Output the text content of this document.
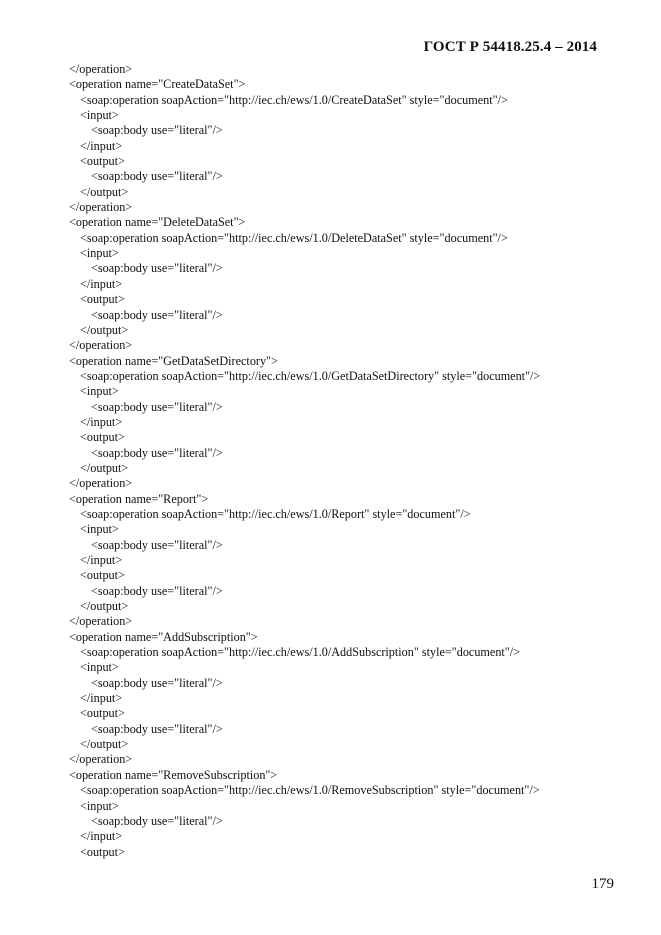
ГОСТ Р 54418.25.4 – 2014
</operation>
<operation name="CreateDataSet">
<soap:operation soapAction="http://iec.ch/ews/1.0/CreateDataSet" style="document"/>
<input>
<soap:body use="literal"/>
</input>
<output>
<soap:body use="literal"/>
</output>
</operation>
<operation name="DeleteDataSet">
<soap:operation soapAction="http://iec.ch/ews/1.0/DeleteDataSet" style="document"/>
<input>
<soap:body use="literal"/>
</input>
<output>
<soap:body use="literal"/>
</output>
</operation>
<operation name="GetDataSetDirectory">
<soap:operation soapAction="http://iec.ch/ews/1.0/GetDataSetDirectory" style="document"/>
<input>
<soap:body use="literal"/>
</input>
<output>
<soap:body use="literal"/>
</output>
</operation>
<operation name="Report">
<soap:operation soapAction="http://iec.ch/ews/1.0/Report" style="document"/>
<input>
<soap:body use="literal"/>
</input>
<output>
<soap:body use="literal"/>
</output>
</operation>
<operation name="AddSubscription">
<soap:operation soapAction="http://iec.ch/ews/1.0/AddSubscription" style="document"/>
<input>
<soap:body use="literal"/>
</input>
<output>
<soap:body use="literal"/>
</output>
</operation>
<operation name="RemoveSubscription">
<soap:operation soapAction="http://iec.ch/ews/1.0/RemoveSubscription" style="document"/>
<input>
<soap:body use="literal"/>
</input>
<output>
179
